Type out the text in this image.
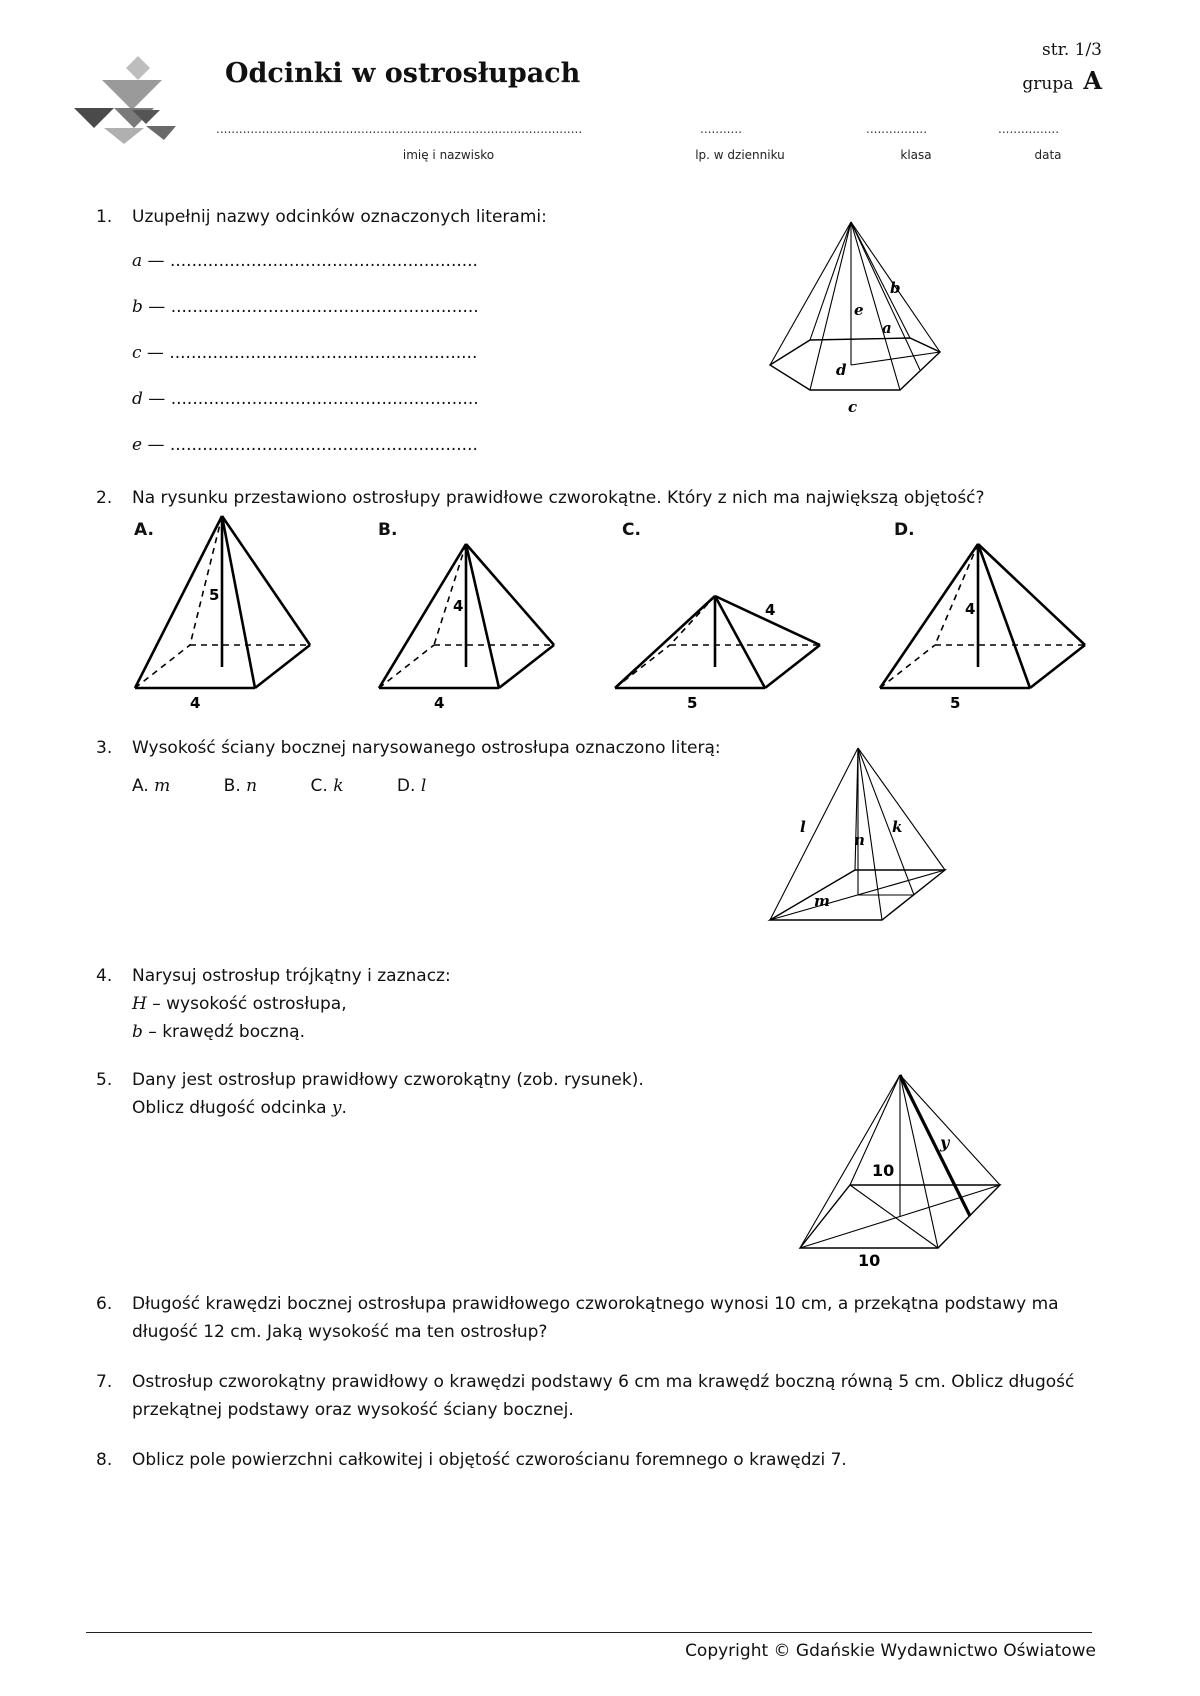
Odcinki w ostrosłupach
str. 1/3
grupa A
................................................................................................
imię i nazwisko
...........
lp. w dzienniku
................
klasa
................
data
1.	Uzupełnij nazwy odcinków oznaczonych literami:
a — .........................................................
b — .........................................................
c — .........................................................
d — .........................................................
e — .........................................................
b
a
e
d
c
2.	Na rysunku przestawiono ostrosłupy prawidłowe czworokątne. Który z nich ma największą objętość?
A.	B.	C.	D.
5
4
4
4
4
5
4
5
3.	Wysokość ściany bocznej narysowanego ostrosłupa oznaczono literą:
A. m	B. n	C. k	D. l
l
n
k
m
4.	Narysuj ostrosłup trójkątny i zaznacz:
H – wysokość ostrosłupa,
b – krawędź boczną.
5.	Dany jest ostrosłup prawidłowy czworokątny (zob. rysunek).
Oblicz długość odcinka y.
y
10
10
6.	Długość krawędzi bocznej ostrosłupa prawidłowego czworokątnego wynosi 10 cm, a przekątna podstawy ma długość 12 cm. Jaką wysokość ma ten ostrosłup?
7.	Ostrosłup czworokątny prawidłowy o krawędzi podstawy 6 cm ma krawędź boczną równą 5 cm. Oblicz długość przekątnej podstawy oraz wysokość ściany bocznej.
8.	Oblicz pole powierzchni całkowitej i objętość czworościanu foremnego o krawędzi 7.
Copyright © Gdańskie Wydawnictwo Oświatowe
